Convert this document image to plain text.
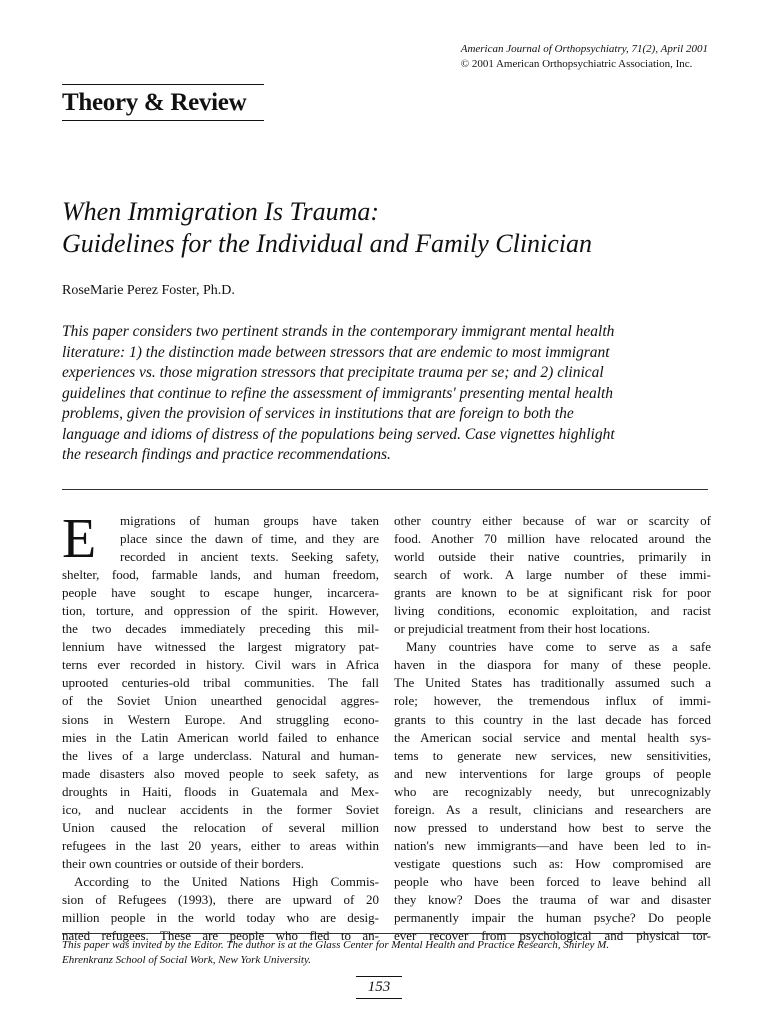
American Journal of Orthopsychiatry, 71(2), April 2001
© 2001 American Orthopsychiatric Association, Inc.
Theory & Review
When Immigration Is Trauma:
Guidelines for the Individual and Family Clinician
RoseMarie Perez Foster, Ph.D.
This paper considers two pertinent strands in the contemporary immigrant mental health
literature: 1) the distinction made between stressors that are endemic to most immigrant
experiences vs. those migration stressors that precipitate trauma per se; and 2) clinical
guidelines that continue to refine the assessment of immigrants' presenting mental health
problems, given the provision of services in institutions that are foreign to both the
language and idioms of distress of the populations being served. Case vignettes highlight
the research findings and practice recommendations.
E	migrations of human groups have taken
place since the dawn of time, and they are
recorded in ancient texts. Seeking safety,
shelter, food, farmable lands, and human freedom,
people have sought to escape hunger, incarcera-
tion, torture, and oppression of the spirit. However,
the two decades immediately preceding this mil-
lennium have witnessed the largest migratory pat-
terns ever recorded in history. Civil wars in Africa
uprooted centuries-old tribal communities. The fall
of the Soviet Union unearthed genocidal aggres-
sions in Western Europe. And struggling econo-
mies in the Latin American world failed to enhance
the lives of a large underclass. Natural and human-
made disasters also moved people to seek safety, as
droughts in Haiti, floods in Guatemala and Mex-
ico, and nuclear accidents in the former Soviet
Union caused the relocation of several million
refugees in the last 20 years, either to areas within
their own countries or outside of their borders.
According to the United Nations High Commis-
sion of Refugees (1993), there are upward of 20
million people in the world today who are desig-
nated refugees. These are people who fled to an-
other country either because of war or scarcity of
food. Another 70 million have relocated around the
world outside their native countries, primarily in
search of work. A large number of these immi-
grants are known to be at significant risk for poor
living conditions, economic exploitation, and racist
or prejudicial treatment from their host locations.
Many countries have come to serve as a safe
haven in the diaspora for many of these people.
The United States has traditionally assumed such a
role; however, the tremendous influx of immi-
grants to this country in the last decade has forced
the American social service and mental health sys-
tems to generate new services, new sensitivities,
and new interventions for large groups of people
who are recognizably needy, but unrecognizably
foreign. As a result, clinicians and researchers are
now pressed to understand how best to serve the
nation's new immigrants—and have been led to in-
vestigate questions such as: How compromised are
people who have been forced to leave behind all
they know? Does the trauma of war and disaster
permanently impair the human psyche? Do people
ever recover from psychological and physical tor-
This paper was invited by the Editor. The author is at the Glass Center for Mental Health and Practice Research, Shirley M.
Ehrenkranz School of Social Work, New York University.
153
